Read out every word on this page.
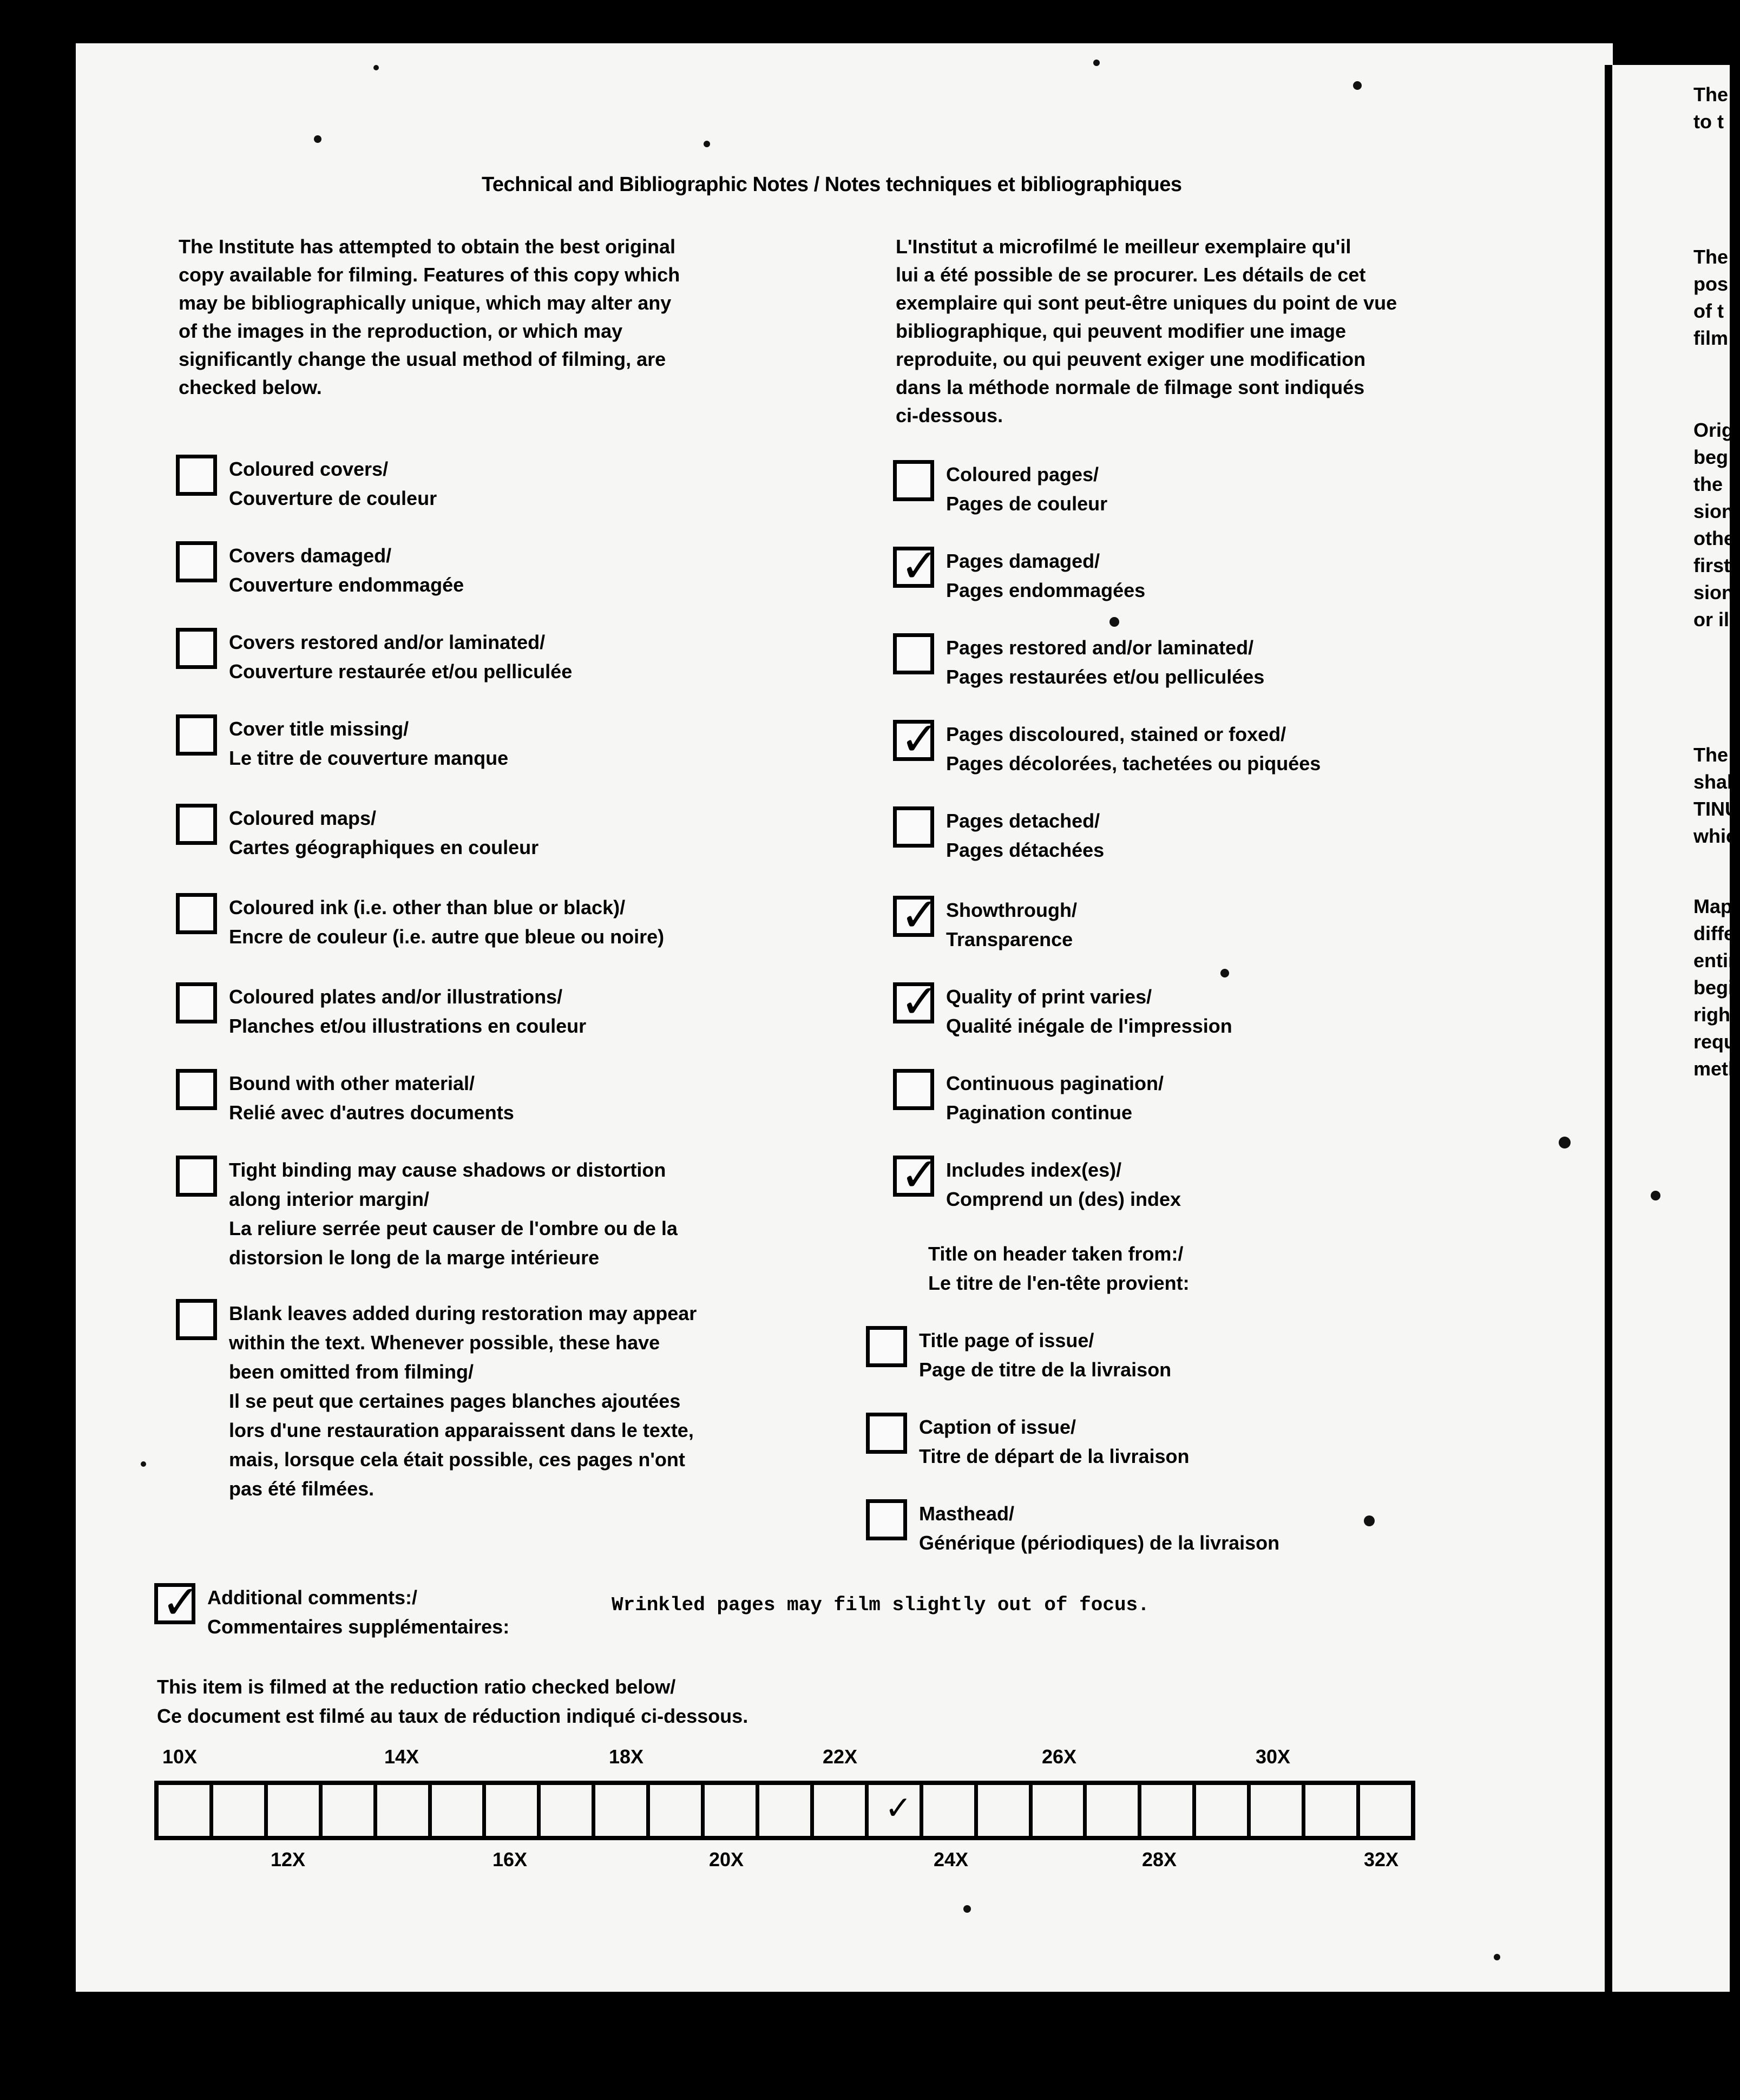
The
to t
The
pos
of t
film
Orig
beg
the
sion
othe
first
sion
or il
The
shal
TINU
whic
Map
diffe
entir
begi
right
requ
meth
Technical and Bibliographic Notes / Notes techniques et bibliographiques
The Institute has attempted to obtain the best original
copy available for filming. Features of this copy which
may be bibliographically unique, which may alter any
of the images in the reproduction, or which may
significantly change the usual method of filming, are
checked below.
L'Institut a microfilmé le meilleur exemplaire qu'il
lui a été possible de se procurer. Les détails de cet
exemplaire qui sont peut-être uniques du point de vue
bibliographique, qui peuvent modifier une image
reproduite, ou qui peuvent exiger une modification
dans la méthode normale de filmage sont indiqués
ci-dessous.
Coloured covers/
Couverture de couleur
Covers damaged/
Couverture endommagée
Covers restored and/or laminated/
Couverture restaurée et/ou pelliculée
Cover title missing/
Le titre de couverture manque
Coloured maps/
Cartes géographiques en couleur
Coloured ink (i.e. other than blue or black)/
Encre de couleur (i.e. autre que bleue ou noire)
Coloured plates and/or illustrations/
Planches et/ou illustrations en couleur
Bound with other material/
Relié avec d'autres documents
Tight binding may cause shadows or distortion
along interior margin/
La reliure serrée peut causer de l'ombre ou de la
distorsion le long de la marge intérieure
Blank leaves added during restoration may appear
within the text. Whenever possible, these have
been omitted from filming/
Il se peut que certaines pages blanches ajoutées
lors d'une restauration apparaissent dans le texte,
mais, lorsque cela était possible, ces pages n'ont
pas été filmées.
Coloured pages/
Pages de couleur
✓ Pages damaged/
Pages endommagées
Pages restored and/or laminated/
Pages restaurées et/ou pelliculées
✓ Pages discoloured, stained or foxed/
Pages décolorées, tachetées ou piquées
Pages detached/
Pages détachées
✓ Showthrough/
Transparence
✓ Quality of print varies/
Qualité inégale de l'impression
Continuous pagination/
Pagination continue
✓ Includes index(es)/
Comprend un (des) index
Title on header taken from:/
Le titre de l'en-tête provient:
Title page of issue/
Page de titre de la livraison
Caption of issue/
Titre de départ de la livraison
Masthead/
Générique (périodiques) de la livraison
✓ Additional comments:/
Commentaires supplémentaires:
Wrinkled pages may film slightly out of focus.
This item is filmed at the reduction ratio checked below/
Ce document est filmé au taux de réduction indiqué ci-dessous.
10X	14X	18X	22X	26X	30X
✓
12X	16X	20X	24X	28X	32X
